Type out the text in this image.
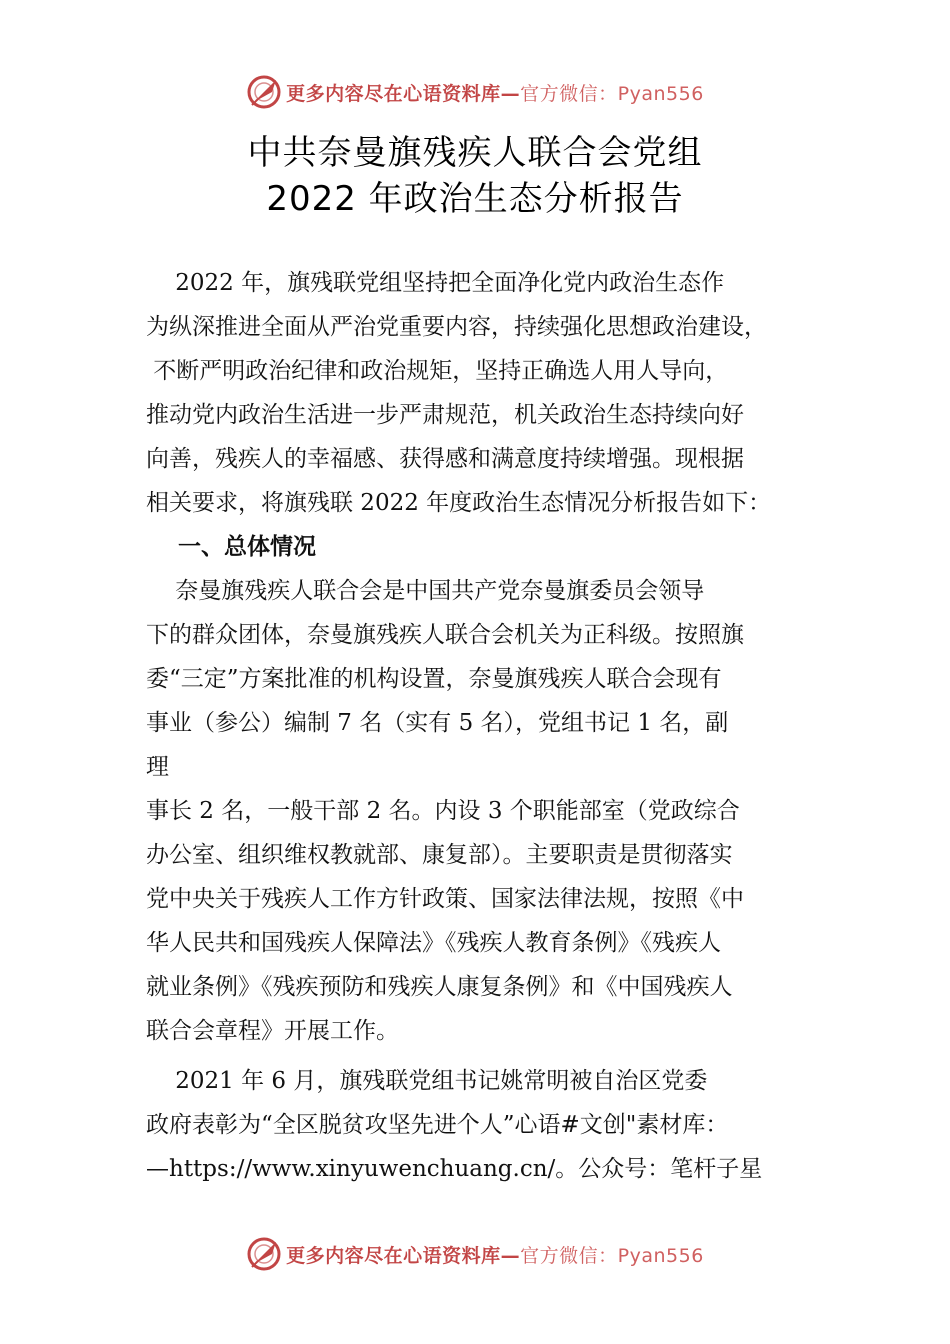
更多内容尽在心语资料库—官方微信：Pyan556
中共奈曼旗残疾人联合会党组
2022 年政治生态分析报告
2022 年，旗残联党组坚持把全面净化党内政治生态作
为纵深推进全面从严治党重要内容，持续强化思想政治建设，
不断严明政治纪律和政治规矩，坚持正确选人用人导向，
推动党内政治生活进一步严肃规范，机关政治生态持续向好
向善，残疾人的幸福感、获得感和满意度持续增强。现根据
相关要求，将旗残联 2022 年度政治生态情况分析报告如下：
一、总体情况
奈曼旗残疾人联合会是中国共产党奈曼旗委员会领导
下的群众团体，奈曼旗残疾人联合会机关为正科级。按照旗
委“三定”方案批准的机构设置，奈曼旗残疾人联合会现有
事业（参公）编制 7 名（实有 5 名），党组书记 1 名，副
理
事长 2 名，一般干部 2 名。内设 3 个职能部室（党政综合
办公室、组织维权教就部、康复部）。主要职责是贯彻落实
党中央关于残疾人工作方针政策、国家法律法规，按照《中
华人民共和国残疾人保障法》《残疾人教育条例》《残疾人
就业条例》《残疾预防和残疾人康复条例》和《中国残疾人
联合会章程》开展工作。
2021 年 6 月，旗残联党组书记姚常明被自治区党委
政府表彰为“全区脱贫攻坚先进个人”心语#文创"素材库：
—https://www.xinyuwenchuang.cn/。公众号：笔杆子星
更多内容尽在心语资料库—官方微信：Pyan556
